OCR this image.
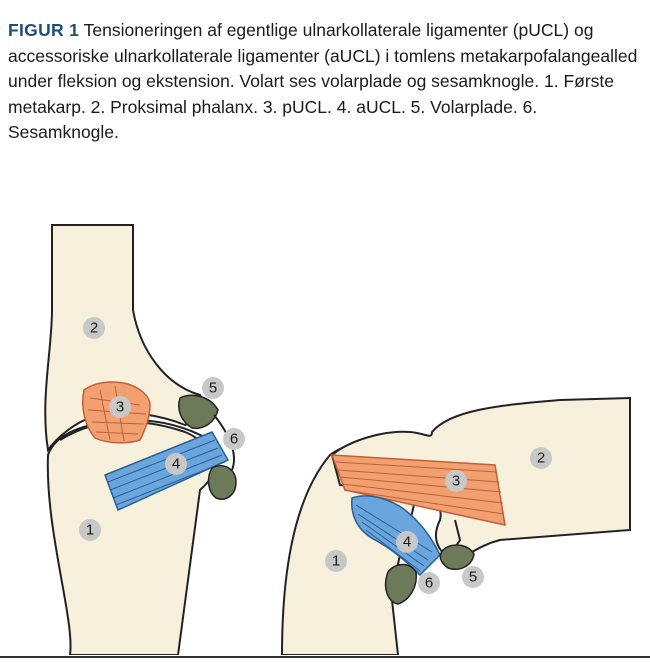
FIGUR 1 Tensioneringen af egentlige ulnarkollaterale ligamenter (pUCL) og accessoriske ulnarkollaterale ligamenter (aUCL) i tomlens metakarpofalangealled under fleksion og ekstension. Volart ses volarplade og sesamknogle. 1. Første metakarp. 2. Proksimal phalanx. 3. pUCL. 4. aUCL. 5. Volarplade. 6. Sesamknogle.
2
3
5
6
4
1
2
3
4
1
6 5
